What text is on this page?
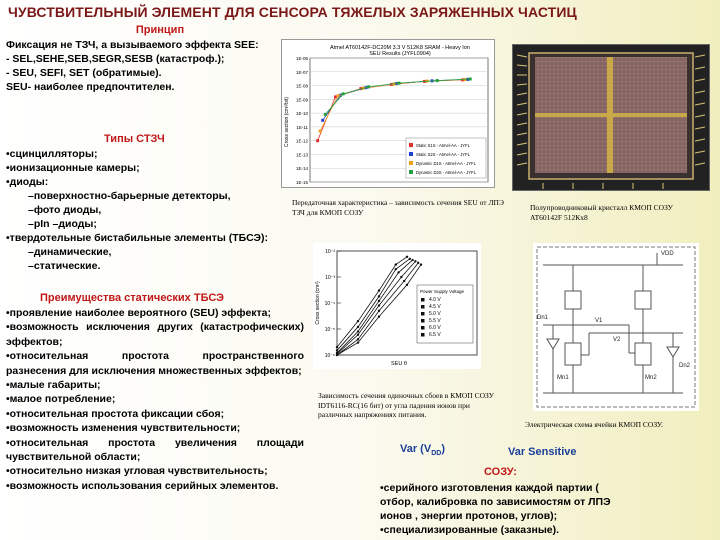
ЧУВСТВИТЕЛЬНЫЙ ЭЛЕМЕНТ ДЛЯ СЕНСОРА ТЯЖЕЛЫХ ЗАРЯЖЕННЫХ ЧАСТИЦ
Принцип
Фиксация не ТЗЧ, а вызываемого эффекта SEE:
- SEL,SEHE,SEB,SEGR,SESB (катастроф.);
- SEU, SEFI, SET (обратимые).
SEU- наиболее предпочтителен.
Типы СТЗЧ
•сцинцилляторы;
•ионизационные камеры;
•диоды:
–поверхностно-барьерные детекторы,
–фото диоды,
–pIn –диоды;
•твердотельные бистабильные элементы (ТБСЭ):
–динамические,
–статические.
Преимущества статических ТБСЭ
•проявление наиболее вероятного (SEU) эффекта;
•возможность исключения других (катастрофических) эффектов;
•относительная простота пространственного разнесения для исключения множественных эффектов;
•малые габариты;
•малое потребление;
•относительная простота фиксации сбоя;
•возможность изменения чувствительности;
•относительная простота увеличения площади чувствительной области;
•относительно низкая угловая чувствительность;
•возможность использования серийных элементов.
Atmel AT60142F-DC20M 3.3 V 512K8 SRAM - Heavy Ion
SEU Results (JYFL0904)
Cross section (cm²/bit)
1E-06
1E-07
1E-08
1E-09
1E-10
1E-11
1E-12
1E-13
1E-14
1E-15
Static S1S - Atmel-AA - JYFL
Static S2S - Atmel-AA - JYFL
Dynamic D1S - Atmel-AA - JYFL
Dynamic D2S - Atmel-AA - JYFL
Передаточная характеристика – зависимость сечения SEU от ЛПЭ ТЗЧ для КМОП СОЗУ
Полупроводниковый кристалл КМОП СОЗУ AT60142F 512Кх8
Cross section (cm²)
SEU θ
10⁻²
10⁻³
10⁻⁴
10⁻⁵
10⁻⁶
Power Supply Voltage
4.0 V
4.5 V
5.0 V
5.5 V
6.0 V
6.5 V
Зависимость сечения одиночных сбоев в КМОП СОЗУ IDT6116-RC(16 бит) от угла падения ионов при различных напряжениях питания.
VDD
Dn1	V1
V2
Dn2
Mn1	Mn2
Электрическая схема ячейки КМОП СОЗУ.
Var $(V_{DD})$	Var Sensitive
СОЗУ:
•серийного изготовления каждой партии ( отбор, калибровка по зависимостям от ЛПЭ ионов , энергии протонов, углов);
•специализированные (заказные).
